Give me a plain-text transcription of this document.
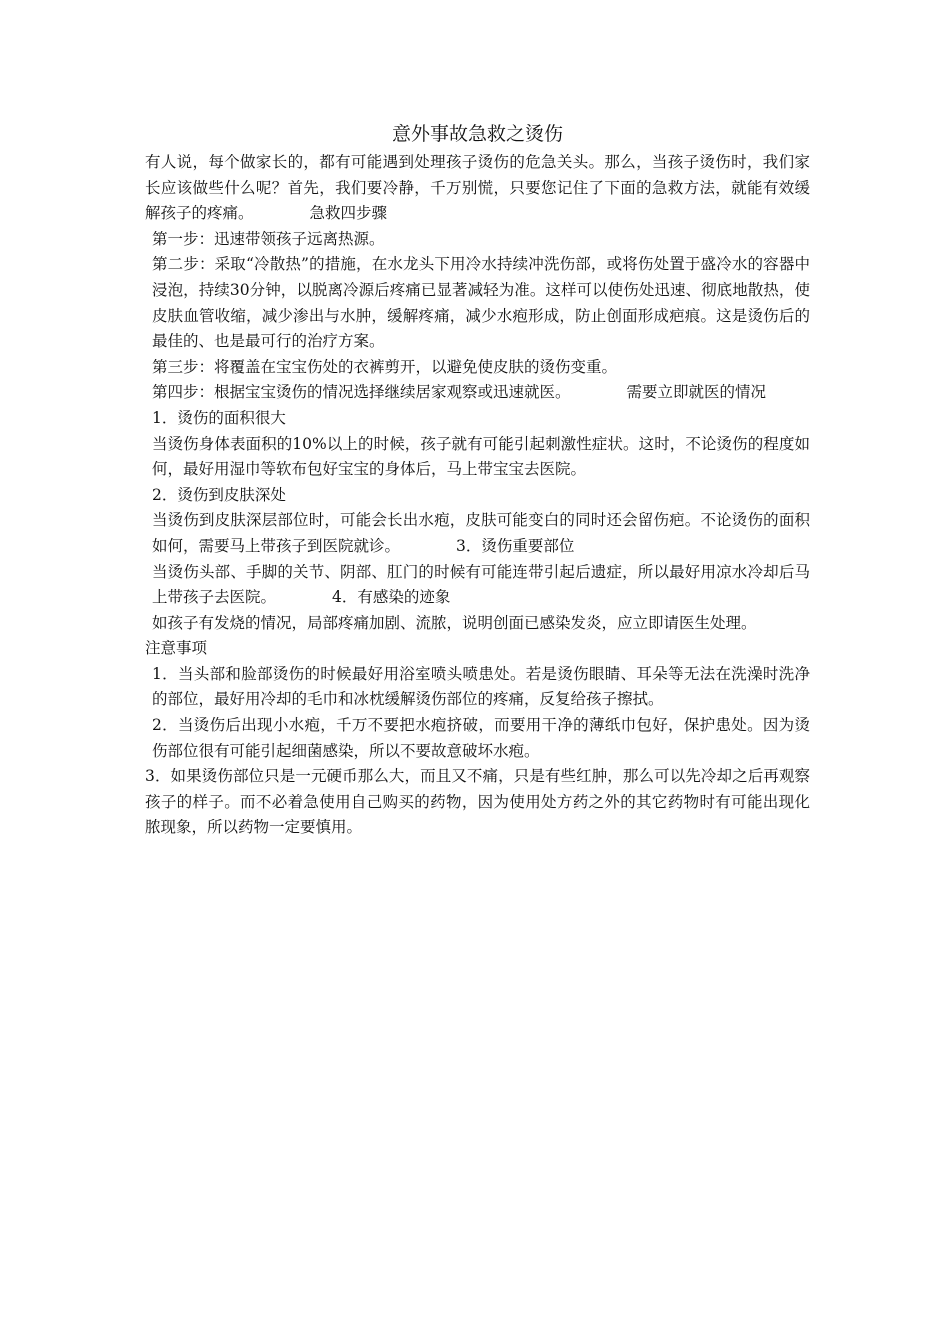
意外事故急救之烫伤

有人说，每个做家长的，都有可能遇到处理孩子烫伤的危急关头。那么，当孩子烫伤时，我们家长应该做些什么呢？首先，我们要冷静，千万别慌，只要您记住了下面的急救方法，就能有效缓解孩子的疼痛。	急救四步骤

第一步：迅速带领孩子远离热源。

第二步：采取“冷散热”的措施，在水龙头下用冷水持续冲洗伤部，或将伤处置于盛冷水的容器中浸泡，持续30分钟，以脱离冷源后疼痛已显著减轻为准。这样可以使伤处迅速、彻底地散热，使皮肤血管收缩，减少渗出与水肿，缓解疼痛，减少水疱形成，防止创面形成疤痕。这是烫伤后的最佳的、也是最可行的治疗方案。

第三步：将覆盖在宝宝伤处的衣裤剪开，以避免使皮肤的烫伤变重。

第四步：根据宝宝烫伤的情况选择继续居家观察或迅速就医。	需要立即就医的情况

1．烫伤的面积很大

当烫伤身体表面积的10%以上的时候，孩子就有可能引起刺激性症状。这时，不论烫伤的程度如何，最好用湿巾等软布包好宝宝的身体后，马上带宝宝去医院。

2．烫伤到皮肤深处

当烫伤到皮肤深层部位时，可能会长出水疱，皮肤可能变白的同时还会留伤疤。不论烫伤的面积如何，需要马上带孩子到医院就诊。	3．烫伤重要部位

当烫伤头部、手脚的关节、阴部、肛门的时候有可能连带引起后遗症，所以最好用凉水冷却后马上带孩子去医院。	4．有感染的迹象

如孩子有发烧的情况，局部疼痛加剧、流脓，说明创面已感染发炎，应立即请医生处理。

注意事项

1．当头部和脸部烫伤的时候最好用浴室喷头喷患处。若是烫伤眼睛、耳朵等无法在洗澡时洗净的部位，最好用冷却的毛巾和冰枕缓解烫伤部位的疼痛，反复给孩子擦拭。

2．当烫伤后出现小水疱，千万不要把水疱挤破，而要用干净的薄纸巾包好，保护患处。因为烫伤部位很有可能引起细菌感染，所以不要故意破坏水疱。

3．如果烫伤部位只是一元硬币那么大，而且又不痛，只是有些红肿，那么可以先冷却之后再观察孩子的样子。而不必着急使用自己购买的药物，因为使用处方药之外的其它药物时有可能出现化脓现象，所以药物一定要慎用。
